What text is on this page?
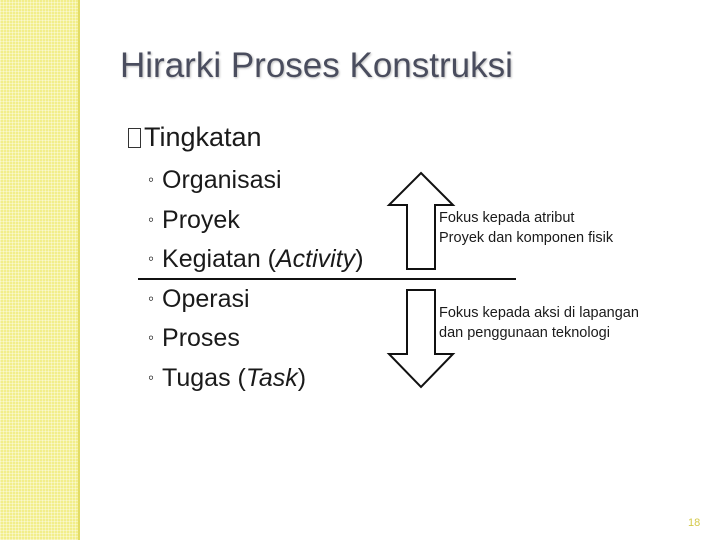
Hirarki Proses Konstruksi
Tingkatan
◦ Organisasi
◦ Proyek
◦ Kegiatan (Activity)
◦ Operasi
◦ Proses
◦ Tugas (Task)
Fokus kepada atribut
Proyek dan komponen fisik
Fokus kepada aksi di lapangan
dan penggunaan teknologi
18
